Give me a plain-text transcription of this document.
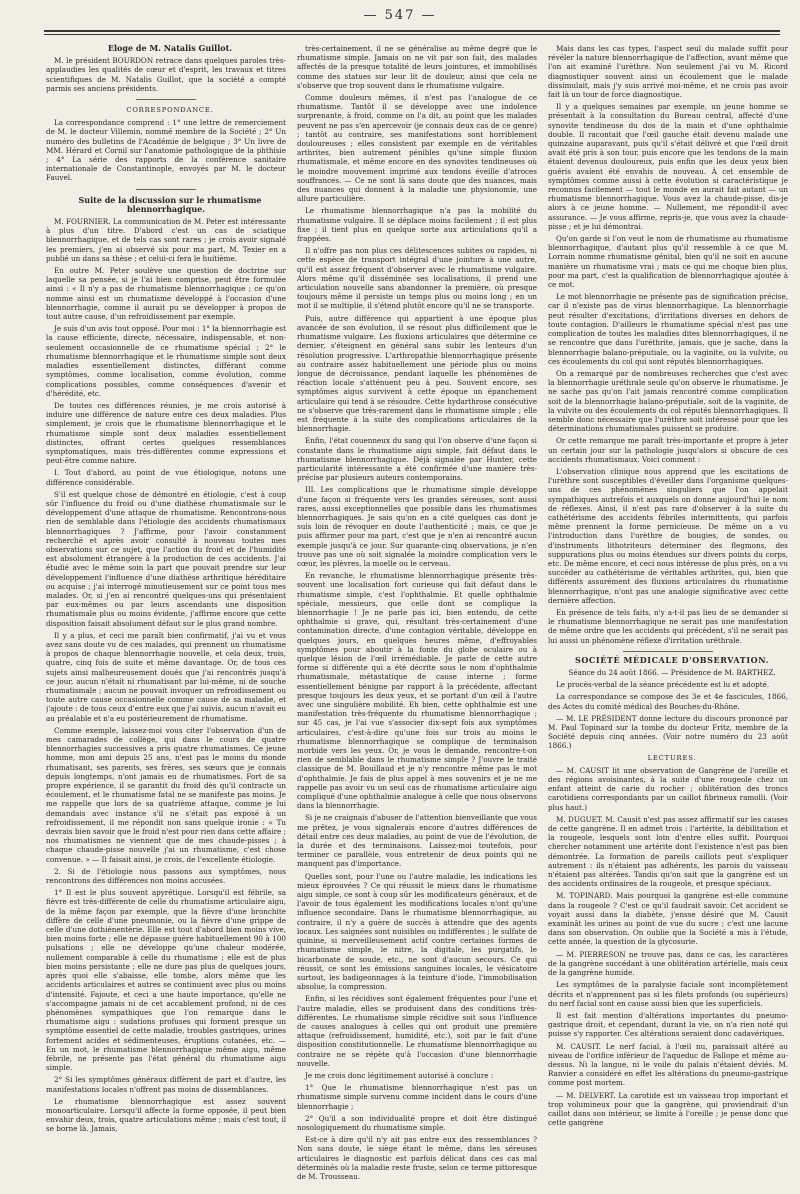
— 547 —

Éloge de M. Natalis Guillot.

M. le président BOURDON retrace dans quelques paroles très-applaudies les qualités de cœur et d'esprit, les travaux et titres scientifiques de M. Natalis Guillot, que la société a compté parmis ses anciens présidents.

CORRESPONDANCE.

La correspondance comprend : 1° une lettre de remerciement de M. le docteur Villemin, nommé membre de la Société ; 2° Un numéro des bulletins de l'Académie de belgique ; 3° Un livre de MM. Hérard et Cornil sur l'anatomie pathologique de la phthisie ; 4° La série des rapports de la conférence sanitaire internationale de Constantinople, envoyés par M. le docteur Fauvel.

Suite de la discussion sur le rhumatisme blennorrhagique.

M. FOURNIER. La communication de M. Peter est intéressante à plus d'un titre. D'abord c'est un cas de sciatique blennorrhagique, et de tels cas sont rares ; je crois avoir signalé les premiers, j'en ai observé six pour ma part, M. Texier en a publié un dans sa thèse ; et celui-ci fera le huitième.

En outre M. Peter soulève une question de doctrine sur laquelle sa pensée, si je l'ai bien comprise, peut être formulée ainsi : « Il n'y a pas de rhumatisme blennorrhagique ; ce qu'on nomme ainsi est un rhumatisme développé à l'occasion d'une blennorrhagie, comme il aurait pu se développer à propos de tout autre cause, d'un refroidissement par exemple.

Je suis d'un avis tout opposé. Pour moi : 1° la blennorrhagie est la cause efficiente, directe, nécessaire, indispensable, et non-seulement occasionnelle de ce rhumatisme spécial ; 2° le rhumatisme blennorrhagique et le rhumatisme simple sont deux maladies essentiellement distinctes, différant comme symptômes, comme localisation, comme évolution, comme complications possibles, comme conséquences d'avenir et d'hérédité, etc.

De toutes ces différences réunies, je me crois autorisé à induire une différence de nature entre ces deux maladies. Plus simplement, je crois que le rhumatisme blennorrhagique et le rhumatisme simple sont deux maladies essentiellement distinctes, offrant certes quelques ressemblances symptomatiques, mais très-différentes comme expressions et peut-être comme nature.

I. Tout d'abord, au point de vue étiologique, notons une différence considérable.

S'il est quelque chose de démontré en étiologie, c'est à coup sûr l'influence du froid ou d'une diathèse rhumatismale sur le développement d'une attaque de rhumatisme. Rencontrons-nous rien de semblable dans l'étiologie des accidents rhumatismaux blennorrhagiques ? J'affirme, pour l'avoir constamment recherché et après avoir consulté à nouveau toutes mes observations sur ce sujet, que l'action du froid et de l'humidité est absolument étrangère à la production de ces accidents. J'ai étudié avec le même soin la part que pouvait prendre sur leur développement l'influence d'une diathèse arthritique héréditaire ou acquise ; j'ai interrogé minutieusement sur ce point tous mes malades. Or, si j'en ai rencontré quelques-uns qui présentaient par eux-mêmes ou par leurs ascendants une disposition rhumatismale plus ou moins évidente, j'affirme encore que cette disposition faisait absolument défaut sur le plus grand nombre.

Il y a plus, et ceci me paraît bien confirmatif, j'ai vu et vous avez sans doute vu de ces malades, qui prennent un rhumatisme à propos de chaque blennorrhagie nouvelle, et cela deux, trois, quatre, cinq fois de suite et même davantage. Or, de tous ces sujets ainsi malheureusement doués que j'ai rencontrés jusqu'à ce jour, aucun n'était ni rhumatisant par lui-même, ni de souche rhumatismale ; aucun ne pouvait invoquer un refroidissement ou toute autre cause occasionnelle comme cause de sa maladie, et j'ajoute : de tous ceux d'entre eux que j'ai suivis, aucun n'avait eu au préalable et n'a eu postérieurement de rhumatisme.

Comme exemple, laissez-moi vous citer l'observation d'un de mes camarades de collège, qui dans le cours de quatre blennorrhagies successives a pris quatre rhumatismes. Ce jeune homme, mon ami depuis 25 ans, n'est pas le moins du monde rhumatisant, ses parents, ses frères, ses sœurs que je connais depuis longtemps, n'ont jamais eu de rhumatismes. Fort de sa propre expérience, il se garantit du froid dès qu'il contracte un écoulement, et le rhumatisme fatal ne se manifeste pas moins. Je me rappelle que lors de sa quatrième attaque, comme je lui demandais avec instance s'il ne s'était pas exposé à un refroidissement, il me répondit non sans quelque ironie : « Tu devrais bien savoir que le froid n'est pour rien dans cette affaire ; nos rhumatismes ne viennent que de mes chaude-pisses ; à chaque chaude-pisse nouvelle j'ai un rhumatisme, c'est chose convenue. » — Il faisait ainsi, je crois, de l'excellente étiologie.

2. Si de l'étiologie nous passons aux symptômes, nous rencontrons des différences non moins accusées.

1° Il est le plus souvent apyrétique. Lorsqu'il est fébrile, sa fièvre est très-différente de celle du rhumatisme articulaire aigu, de la même façon par exemple, que la fièvre d'une bronchite diffère de celle d'une pneumonie, ou la fièvre d'une grippe de celle d'une dothiénentérie. Elle est tout d'abord bien moins vive, bien moins forte ; elle ne dépasse guère habituellement 90 à 100 pulsations ; elle ne développe qu'une chaleur modérée, nullement comparable à celle du rhumatisme ; elle est de plus bien moins persistante ; elle ne dure pas plus de quelques jours, après quoi elle s'abaisse, elle tombe, alors même que les accidents articulaires et autres se continuent avec plus ou moins d'intensité. Fajoute, et ceci a une haute importance, qu'elle ne s'accompagne jamais ni de cet accablement profond, ni de ces phénomènes sympathiques que l'on remarque dans le rhumatisme aigu : sudations profuses qui forment presque un symptôme essentiel de cette maladie, troubles gastriques, urines fortement acides et sédimenteuses, éruptions cutanées, etc. — En un mot, le rhumatisme blennorrhagique même aigu, même fébrile, ne présente pas l'état général du rhumatisme aigu simple.

2° Si les symptômes généraux diffèrent de part et d'autre, les manifestations locales n'offrent pas moins de dissemblances.

Le rhumatisme blennorrhagique est assez souvent monoarticulaire. Lorsqu'il affecte la forme opposée, il peut bien envahir deux, trois, quatre articulations même ; mais c'est tout, il se borne là. Jamais,

très-certainement, il ne se généralise au même degré que le rhumatisme simple. Jamais on ne vit par son fait, des malades affectés de la presque totalité de leurs jointures, et immobilisés comme des statues sur leur lit de douleur, ainsi que cela ne s'observe que trop souvent dans le rhumatisme vulgaire.

Comme douleurs mêmes, il n'est pas l'analogue de ce rhumatisme. Tantôt il se développe avec une indolence surprenante, à froid, comme on l'a dit, au point que les malades peuvent ne pas s'en apercevoir (je connais deux cas de ce genre) ; tantôt au contraire, ses manifestations sont horriblement douloureuses ; elles consistent par exemple en de véritables arthrites, bien autrement pénibles qu'une simple fluxion rhumatismale, et même encore en des synovites tendineuses où le moindre mouvement imprimé aux tendons éveille d'atroces souffrances. — Ce ne sont là sans doute que des nuances, mais des nuances qui donnent à la maladie une physionomie, une allure particulière.

Le rhumatisme blennorrhagique n'a pas la mobilité du rhumatisme vulgaire. Il se déplace moins facilement ; il est plus fixe ; il tient plus en quelque sorte aux articulations qu'il a frappées.

Il n'offre pas non plus ces délitescences subites ou rapides, ni cette espèce de transport intégral d'une jointure à une autre, qu'il est assez fréquent d'observer avec le rhumatisme vulgaire. Alors même qu'il disséminée ses localisations, il prend une articulation nouvelle sans abandonner la première, où presque toujours même il persiste un temps plus ou moins long ; en un mot il se multiplie, il s'étend plutôt encore qu'il ne se transporte.

Puis, autre différence qui appartient à une époque plus avancée de son évolution, il se résout plus difficilement que le rhumatisme vulgaire. Les fluxions articulaires que détermine ce dernier, s'éteignent en général sans subir les lenteurs d'un résolution progressive. L'arthropathie blennorrhagique présente au contraire assez habituellement une période plus ou moins longue de décroissance, pendant laquelle les phénomènes de réaction locale s'atténuent peu à peu. Souvent encore, ses symptômes aigus survivent à cette époque un épanchement articulaire qui tend à se résoudre. Cette hydarthrose consécutive ne s'observe que très-rarement dans le rhumatisme simple ; elle est fréquente à la suite des complications articulaires de la blennorrhagie.

Enfin, l'état couenneux du sang qui l'on observe d'une façon si constante dans le rhumatisme aigu simple, fait défaut dans le rhumatisme blennorrhagique. Déjà signalée par Hunter, cette particularité intéressante a été confirmée d'une manière très-précise par plusieurs auteurs contemporains.

III. Les complications que le rhumatisme simple développe d'une façon si fréquente vers les grandes séreuses, sont aussi rares, aussi exceptionnelles que possible dans les rhumatismes blennorrhagiques. Je sais qu'on en a cité quelques cas dont je suis loin de révoquer en doute l'authenticité ; mais, ce que je puis affirmer pour ma part, c'est que je n'en ai rencontré aucun exemple jusqu'à ce jour. Sur quarante-cinq observations, je n'en trouve pas une où soit signalée la moindre complication vers le cœur, les plèvres, la moelle ou le cerveau.

En revanche, le rhumatisme blennorrhagique présente très-souvent une localisation fort curieuse qui fait défaut dans le rhumatisme simple, c'est l'ophthalmie. Et quelle ophthalmie spéciale, messieurs, que celle dont se complique la blennorrhagie ! Je ne parle pas ici, bien entendu, de cette ophthalmie si grave, qui, résultant très-certainement d'une contamination directe, d'une contagion véritable, développe en quelques jours, en quelques heures même, d'effroyables symptômes pour aboutir à la fonte du globe oculaire ou à quelque lésion de l'œil irrémédiable. Je parle de cette autre forme si différente qui a été décrite sous le nom d'ophthalmie rhumatismale, métastatique de cause interne ; forme essentiellement bénigne par rapport à la précédente, affectant presque toujours les deux yeux, et se portant d'un œil à l'autre avec une singulière mobilité. Eh bien, cette ophthalmie est une manifestation très-fréquente du rhumatisme blennorrhagique ; sur 45 cas, je l'ai vue s'associer dix-sept fois aux symptômes articulaires, c'est-à-dire qu'une fois sur trois au moins le rhumatisme blennorrhagique se complique de terminaison morbide vers les yeux. Or, je vous le demande, rencontre-t-on rien de semblable dans le rhumatisme simple ? J'ouvre le traité classique de M. Bouillaud et je n'y rencontre même pas le mot d'ophthalmie. Je fais de plus appel à mes souvenirs et je ne me rappelle pas avoir vu un seul cas de rhumatisme articulaire aigu compliqué d'une ophthalmie analogue à celle que nous observons dans la blennorrhagie.

Si je ne craignais d'abuser de l'attention bienveillante que vous me prêtez, je vous signalerais encore d'autres différences de détail entre ces deux maladies, au point de vue de l'évolution, de la durée et des terminaisons. Laissez-moi toutefois, pour terminer ce parallèle, vous entretenir de deux points qui ne manquent pas d'importance.

Quelles sont, pour l'une ou l'autre maladie, les indications les mieux éprouvées ? Ce qui réussit le mieux dans le rhumatisme aigu simple, ce sont à coup sûr les modificateurs généraux, et de l'avoir de tous également les modifications locales n'ont qu'une influence secondaire. Dans le rhumatisme blennorrhagique, au contraire, il n'y a guère de succès à attendre que des agents locaux. Les saignées sont nuisibles ou indifférentes ; le sulfate de quinine, si merveilleusement actif contre certaines formes de rhumatisme simple, le nitre, la digitale, les purgatifs, le bicarbonate de soude, etc., ne sont d'aucun secours. Ce qui réussit, ce sont les émissions sanguines locales, le vésicatoire surtout, les badigeonnages à la teinture d'iode, l'immobilisation absolue, la compression.

Enfin, si les récidives sont également fréquentes pour l'une et l'autre maladie, elles se produisent dans des conditions très-différentes. Le rhumatisme simple récidive soit sous l'influence de causes analogues à celles qui ont produit une première attaque (refroidissement, humidité, etc.), soit par le fait d'une disposition constitutionnelle. Le rhumatisme blennorrhagique au contraire ne se répète qu'à l'occasion d'une blennorrhagie nouvelle.

Je me crois donc légitimement autorisé à conclure :

1° Que le rhumatisme blennorrhagique n'est pas un rhumatisme simple survenu comme incident dans le cours d'une blennorrhagie ;

2° Qu'il a son individualité propre et doit être distingué nosologiquement du rhumatisme simple.

Est-ce à dire qu'il n'y ait pas entre eux des ressemblances ? Non sans doute, le siège étant le même, dans les séreuses articulaires le diagnostic est parfois délicat dans ces cas mal déterminés où la maladie reste fruste, selon ce terme pittoresque de M. Trousseau.

Mais dans les cas types, l'aspect seul du malade suffit pour révéler la nature blennorrhagique de l'affection, avant même que l'on ait examiné l'urèthre. Non seulement j'ai vu M. Ricord diagnostiquer souvent ainsi un écoulement que le malade dissimulait, mais j'y suis arrivé moi-même, et ne crois pas avoir fait là un tour de force diagnostique.

Il y a quelques semaines par exemple, un jeune homme se présentait à la consultation du Bureau central, affecté d'une synovite tendineuse du dos de la main et d'une ophthalmie double. Il racontait que l'œil gauche était devenu malade une quinzaine auparavant, puis qu'il s'était délivré et que l'œil droit avait été pris à son tour, puis encore que les tendons de la main étaient devenus douloureux, puis enfin que les deux yeux bien guéris avaient été envahis de nouveau. À cet ensemble de symptômes comme aussi à cette évolution si caractéristique je reconnus facilement — tout le monde en aurait fait autant — un rhumatisme blennorrhagique. Vous avez la chaude-pisse, dis-je alors à ce jeune homme. — Nullement, me répondit-il avec assurance. — Je vous affirme, repris-je, que vous avez la chaude-pisse ; et je lui démontrai.

Qu'on garde si l'on veut le nom de rhumatisme au rhumatisme blennorrhagique, d'autant plus qu'il ressemble à ce que M. Lorrain nomme rhumatisme génital, bien qu'il ne soit en aucune manière un rhumatisme vrai ; mais ce qui me choque bien plus, pour ma part, c'est la qualification de blennorrhagique ajoutée à ce mot.

Le mot blennorrhagie ne présente pas de signification précise, car il n'existe pas de virus blennorrhagique. La blennorrhagie peut résulter d'excitations, d'irritations diverses en dehors de toute contagion. D'ailleurs le rhumatisme spécial n'est pas une complication de toutes les maladies dites blennorrhagiques, il ne se rencontre que dans l'uréthrite, jamais, que je sache, dans la blennorrhagie balano-préputiale, ou la vaginite, ou la vulvite, ou ces écoulements du col qui sont réputés blennorrhagiques.

On a remarqué par de nombreuses recherches que c'est avec la blennorrhagie uréthrale seule qu'on observe le rhumatisme. Je ne sache pas qu'on l'ait jamais rencontré comme complication soit de la blennorrhagie balano-préputiale, soit de la vaginite, de la vulvite ou des écoulements du col réputés blennorrhagiques. Il semble donc nécessaire que l'urèthre soit intéressé pour que les déterminations rhumatismales puissent se produire.

Or cette remarque me paraît très-importante et propre à jeter un certain jour sur la pathologie jusqu'alors si obscure de ces accidents rhumatismaux. Voici comment :

L'observation clinique nous apprend que les excitations de l'urèthre sont susceptibles d'éveiller dans l'organisme quelques-uns de ces phénomènes singuliers que l'on appelait sympathiques autrefois et auxquels on donne aujourd'hui le nom de réflexes. Ainsi, il n'est pas rare d'observer à la suite du cathétérisme des accidents fébriles intermittents, qui parfois même prennent la forme pernicieuse. De même on a vu l'introduction dans l'urèthre de bougies, de sondes, ou d'instruments lithotriteurs déterminer des flegmons, des suppurations plus ou moins étendues sur divers points du corps, etc. De même encore, et ceci nous intéresse de plus près, on a vu succéder au cathétérisme de véritables arthrites, qui, bien que différents assurément des fluxions articulaires du rhumatisme blennorrhagique, n'ont pas une analogie significative avec cette dernière affection.

En présence de tels faits, n'y a-t-il pas lieu de se demander si le rhumatisme blennorrhagique ne serait pas une manifestation de même ordre que les accidents qui précèdent, s'il ne serait pas lui aussi un phénomène réflexe d'irritation uréthrale.

SOCIÉTÉ MÉDICALE D'OBSERVATION.

Séance du 24 août 1866. — Présidence de M. BARTHEZ.

Le procès-verbal de la séance précédente est lu et adopté.

La correspondance se compose des 3e et 4e fascicules, 1866, des Actes du comité médical des Bouches-du-Rhône.

— M. LE PRÉSIDENT donne lecture du discours prononcé par M. Paul Topinard sur la tombe du docteur Fritz, membre de la Société depuis cinq années. (Voir notre numéro du 23 août 1866.)

LECTURES.

— M. CAUSIT lit une observation de Gangrène de l'oreille et des régions avoisinantes, à la suite d'une rougeole chez un enfant atteint de carie du rocher ; oblitération des troncs carotidiens correspondants par un caillot fibrineux ramolli. (Voir plus haut.)

M. DUGUET. M. Causit n'est pas assez affirmatif sur les causes de cette gangrène. Il en admet trois : l'artérite, la débilitation et la rougeole, lesquels sont loin d'entre elles suffit. Pourquoi chercher notamment une artérite dont l'existence n'est pas bien démontrée. La formation de pareils caillots peut s'expliquer autrement : ils n'étaient pas adhérents, les parois du vaisseau n'étaient pas altérées. Tandis qu'on sait que la gangrène est un des accidents ordinaires de la rougeole, et presque spéciaux.

M. TOPINARD. Mais pourquoi la gangrène est-elle commune dans la rougeole ? C'est ce qu'il faudrait savoir. Cet accident se voyait aussi dans la diabète, j'ensse désiré que M. Causit examinât les urines au point de vue du sucre ; c'est une lacune dans son observation. On oublie que la Société a mis à l'étude, cette année, la question de la glycosurie.

— M. PIERRESON ne trouve pas, dans ce cas, les caractères de la gangrène succédant à une oblitération artérielle, mais ceux de la gangrène humide.

Les symptômes de la paralysie faciale sont incomplètement décrits et n'apprennent pas si les filets profonds (ou supérieurs) du nerf facial sont en cause aussi bien que les superficiels.

Il est fait mention d'altérations importantes du pneumo-gastrique droit, et cependant, durant la vie, on n'a rien noté qui puisse s'y rapporter. Ces altérations seraient donc cadavériques.

M. CAUSIT. Le nerf facial, à l'œil nu, paraissait altéré au niveau de l'orifice inférieur de l'aqueduc de Fallope et même au-dessus. Ni la langue, ni le voile du palais n'étaient déviés. M. Ranvier a considéré en effet les altérations du pneumo-gastrique comme post mortem.

— M. DELVERT. La carotide est un vaisseau trop important et trop volumineux pour que la gangrène, qui proviendrait d'un caillot dans son intérieur, se limite à l'oreille ; je pense donc que cette gangrène
